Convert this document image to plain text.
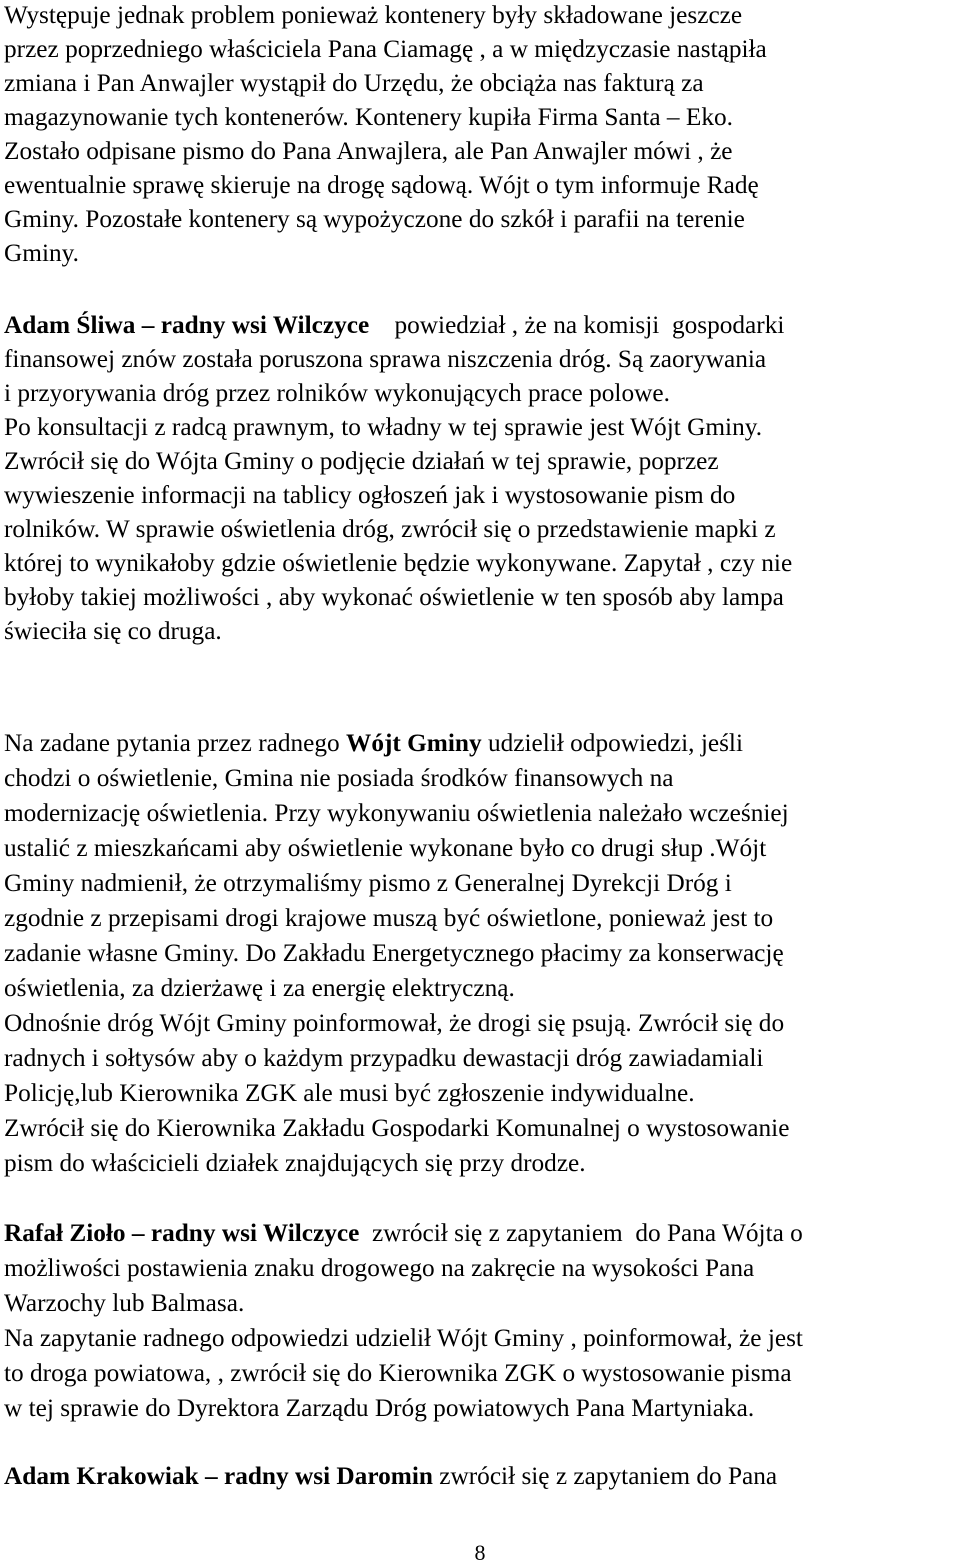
Występuje jednak problem ponieważ kontenery były składowane jeszcze
przez poprzedniego właściciela Pana Ciamagę , a w międzyczasie nastąpiła
zmiana i Pan Anwajler wystąpił do Urzędu, że obciąża nas fakturą za
magazynowanie tych kontenerów. Kontenery kupiła Firma Santa – Eko.
Zostało odpisane pismo do Pana Anwajlera, ale Pan Anwajler mówi , że
ewentualnie sprawę skieruje na drogę sądową. Wójt o tym informuje Radę
Gminy. Pozostałe kontenery są wypożyczone do szkół i parafii na terenie
Gminy.
Adam Śliwa – radny wsi Wilczyce    powiedział , że na komisji  gospodarki
finansowej znów została poruszona sprawa niszczenia dróg. Są zaorywania
i przyorywania dróg przez rolników wykonujących prace polowe.
Po konsultacji z radcą prawnym, to władny w tej sprawie jest Wójt Gminy.
Zwrócił się do Wójta Gminy o podjęcie działań w tej sprawie, poprzez
wywieszenie informacji na tablicy ogłoszeń jak i wystosowanie pism do
rolników. W sprawie oświetlenia dróg, zwrócił się o przedstawienie mapki z
której to wynikałoby gdzie oświetlenie będzie wykonywane. Zapytał , czy nie
byłoby takiej możliwości , aby wykonać oświetlenie w ten sposób aby lampa
świeciła się co druga.
Na zadane pytania przez radnego Wójt Gminy udzielił odpowiedzi, jeśli
chodzi o oświetlenie, Gmina nie posiada środków finansowych na
modernizację oświetlenia. Przy wykonywaniu oświetlenia należało wcześniej
ustalić z mieszkańcami aby oświetlenie wykonane było co drugi słup .Wójt
Gminy nadmienił, że otrzymaliśmy pismo z Generalnej Dyrekcji Dróg i
zgodnie z przepisami drogi krajowe muszą być oświetlone, ponieważ jest to
zadanie własne Gminy. Do Zakładu Energetycznego płacimy za konserwację
oświetlenia, za dzierżawę i za energię elektryczną.
Odnośnie dróg Wójt Gminy poinformował, że drogi się psują. Zwrócił się do
radnych i sołtysów aby o każdym przypadku dewastacji dróg zawiadamiali
Policję,lub Kierownika ZGK ale musi być zgłoszenie indywidualne.
Zwrócił się do Kierownika Zakładu Gospodarki Komunalnej o wystosowanie
pism do właścicieli działek znajdujących się przy drodze.
Rafał Zioło – radny wsi Wilczyce  zwrócił się z zapytaniem  do Pana Wójta o
możliwości postawienia znaku drogowego na zakręcie na wysokości Pana
Warzochy lub Balmasa.
Na zapytanie radnego odpowiedzi udzielił Wójt Gminy , poinformował, że jest
to droga powiatowa, , zwrócił się do Kierownika ZGK o wystosowanie pisma
w tej sprawie do Dyrektora Zarządu Dróg powiatowych Pana Martyniaka.
Adam Krakowiak – radny wsi Daromin zwrócił się z zapytaniem do Pana
8
